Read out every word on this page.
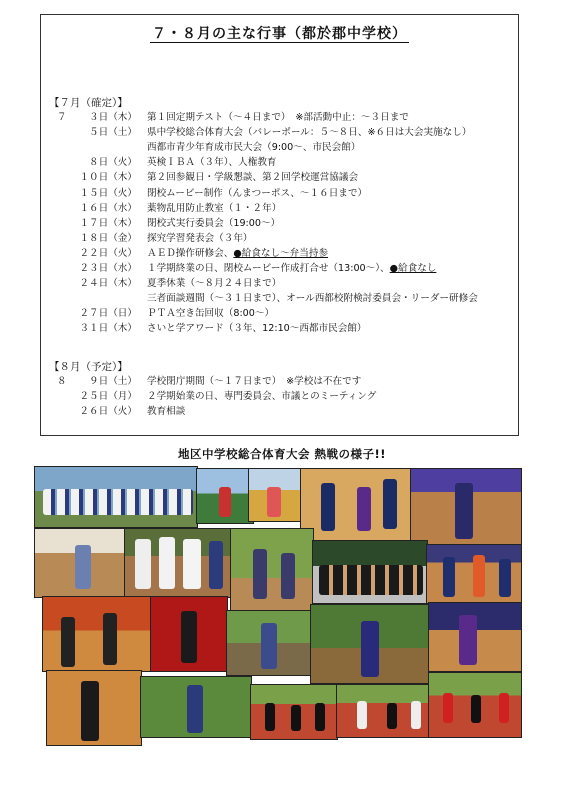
７・８月の主な行事（都於郡中学校）
【７月（確定）】
７	３日（木） 第１回定期テスト（～４日まで）　※部活動中止：～３日まで
５日（土） 県中学校総合体育大会（バレーボール：５～８日、※６日は大会実施なし）
西都市青少年育成市民大会（9:00～、市民会館）
８日（火） 英検ＩＢＡ（３年）、人権教育
１０日（木） 第２回参観日・学級懇談、第２回学校運営協議会
１５日（火） 閉校ムービー制作（んまつーポス、～１６日まで）
１６日（水） 薬物乱用防止教室（１・２年）
１７日（木） 閉校式実行委員会（19:00～）
１８日（金） 探究学習発表会（３年）
２２日（火） ＡＥＤ操作研修会、●給食なし～弁当持参
２３日（水） １学期終業の日、閉校ムービー作成打合せ（13:00～）、●給食なし
２４日（木） 夏季休業（～８月２４日まで）
三者面談週間（～３１日まで）、オール西都校附検討委員会・リーダー研修会
２７日（日） ＰＴＡ空き缶回収（8:00～）
３１日（木） さいと学アワード（３年、12:10～西都市民会館）
【８月（予定）】
８	９日（土） 学校閉庁期間（～１７日まで）　※学校は不在です
２５日（月） ２学期始業の日、専門委員会、市議とのミーティング
２６日（火） 教育相談
地区中学校総合体育大会 熱戦の様子!!
